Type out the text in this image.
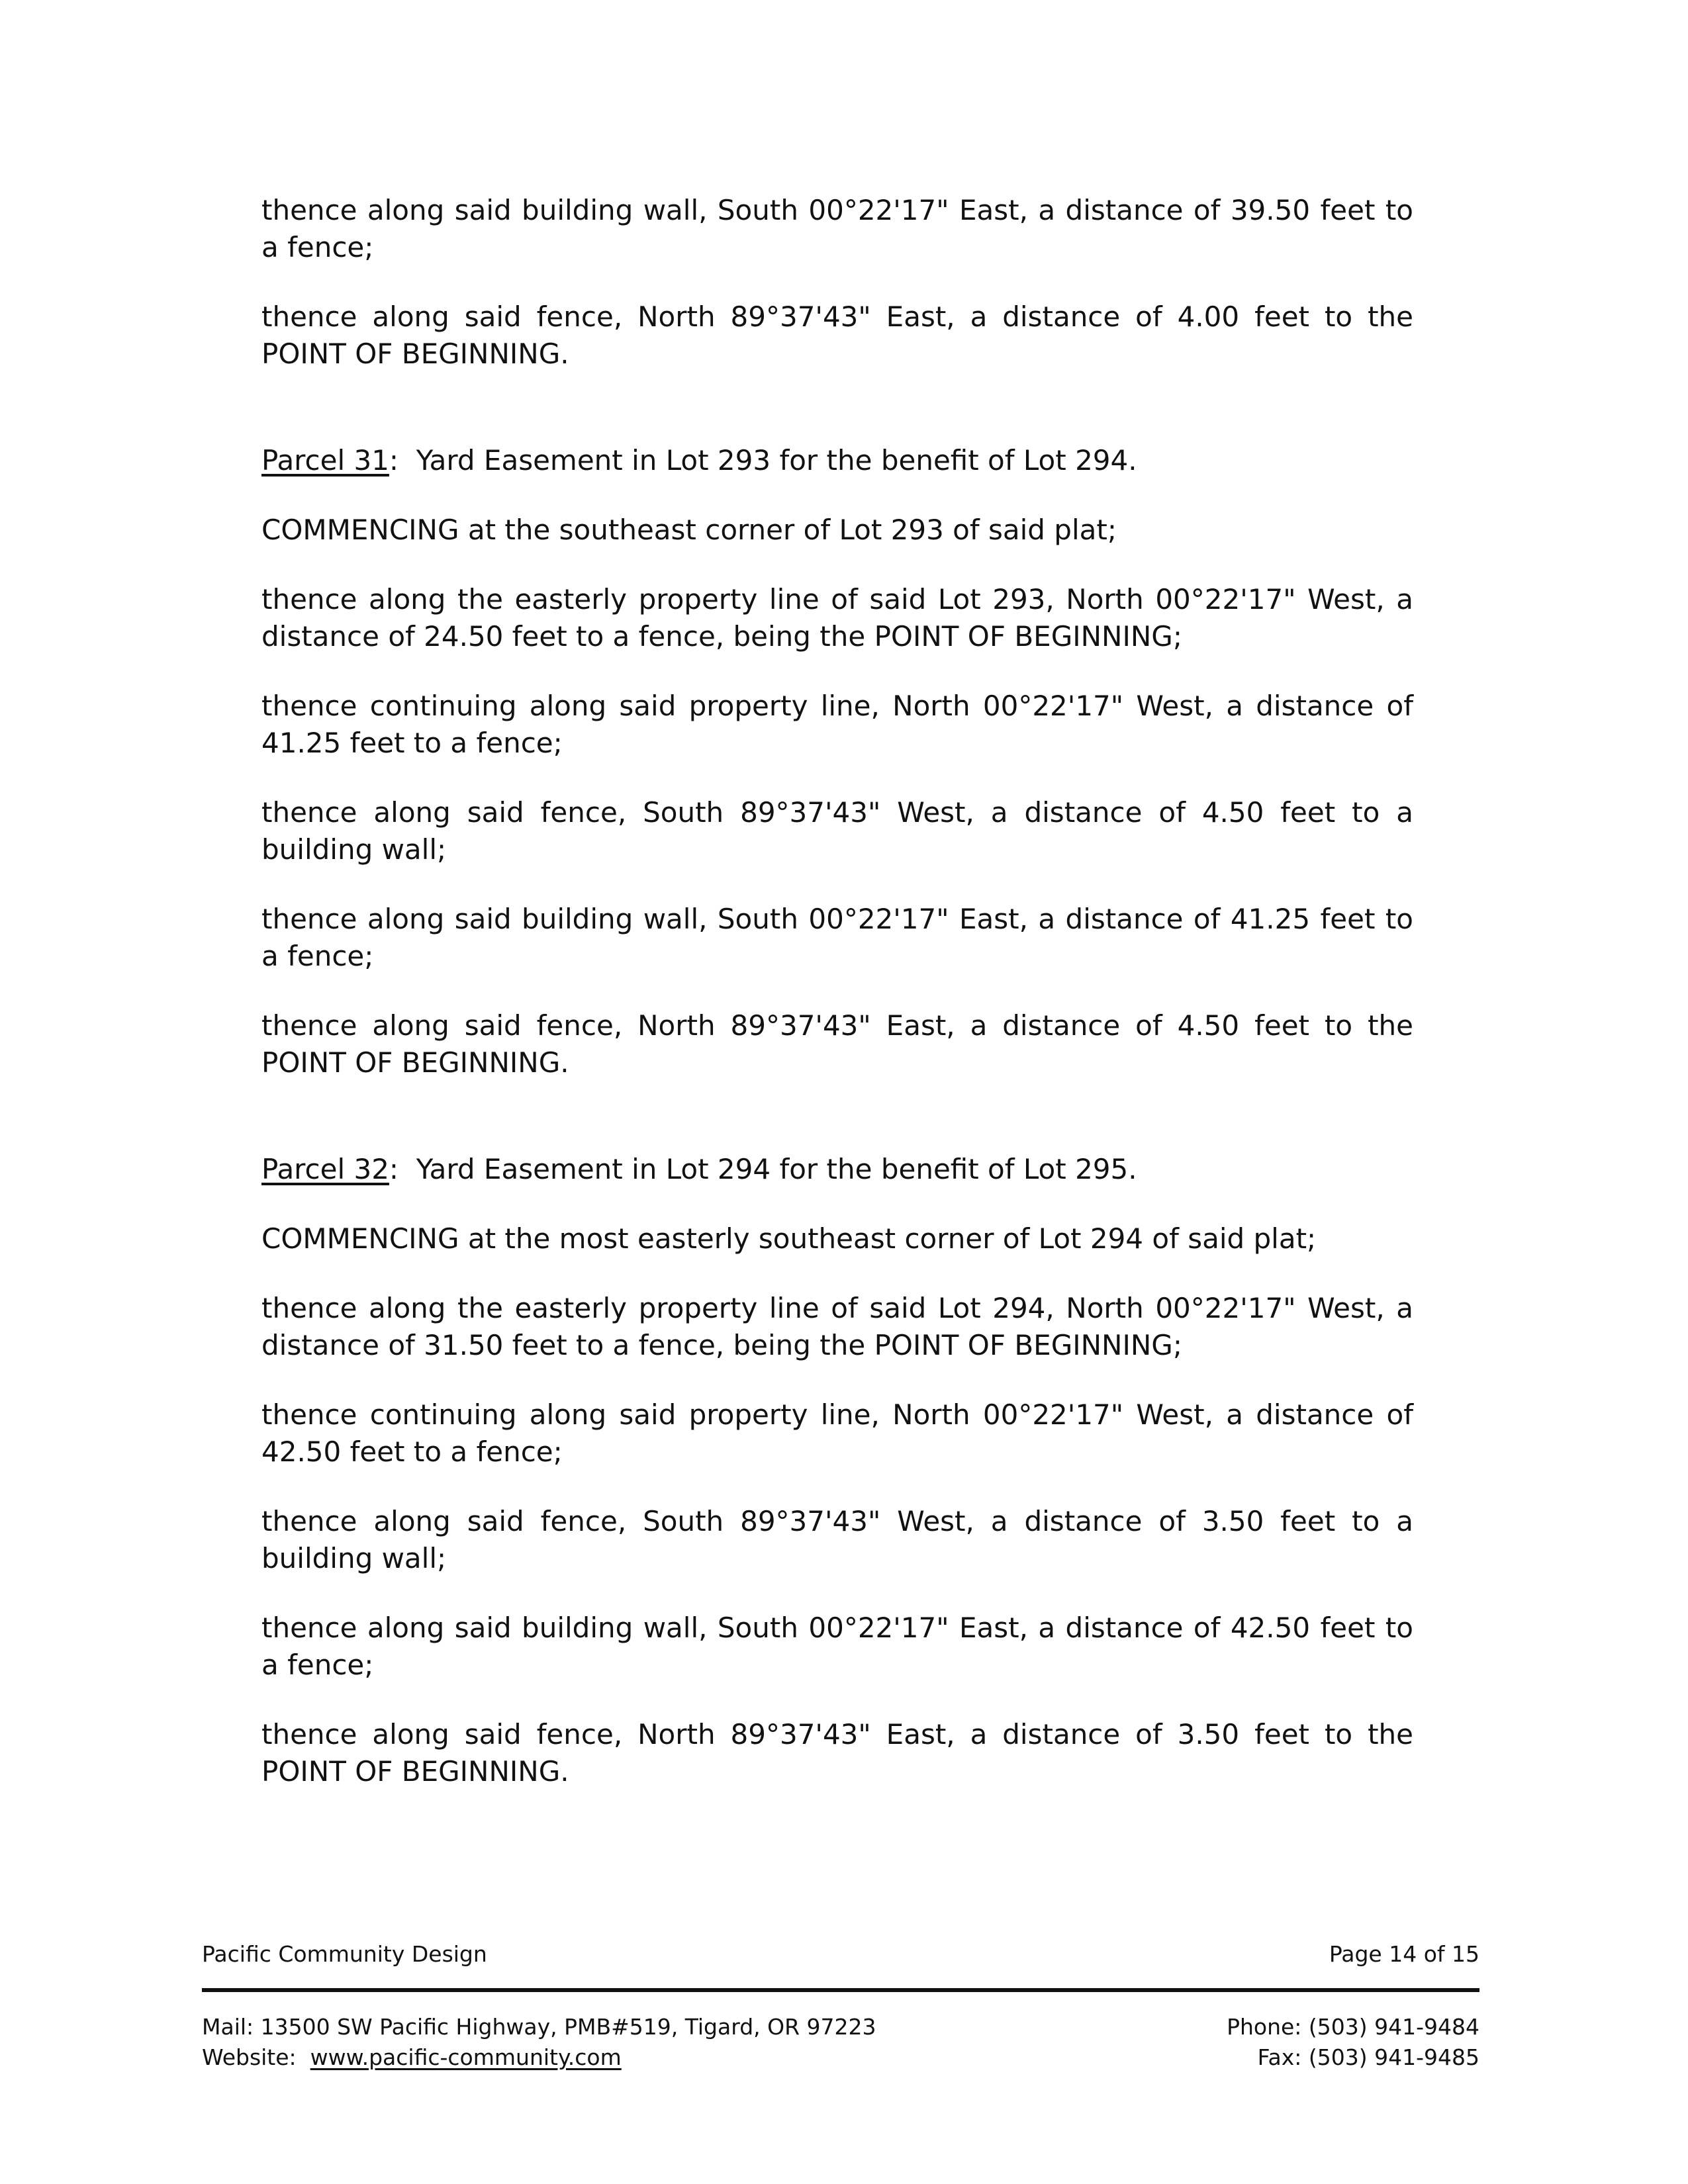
thence along said building wall, South 00°22'17" East, a distance of 39.50 feet to a fence;

thence along said fence, North 89°37'43" East, a distance of 4.00 feet to the POINT OF BEGINNING.

Parcel 31:  Yard Easement in Lot 293 for the benefit of Lot 294.

COMMENCING at the southeast corner of Lot 293 of said plat;

thence along the easterly property line of said Lot 293, North 00°22'17" West, a distance of 24.50 feet to a fence, being the POINT OF BEGINNING;

thence continuing along said property line, North 00°22'17" West, a distance of 41.25 feet to a fence;

thence along said fence, South 89°37'43" West, a distance of 4.50 feet to a building wall;

thence along said building wall, South 00°22'17" East, a distance of 41.25 feet to a fence;

thence along said fence, North 89°37'43" East, a distance of 4.50 feet to the POINT OF BEGINNING.

Parcel 32:  Yard Easement in Lot 294 for the benefit of Lot 295.

COMMENCING at the most easterly southeast corner of Lot 294 of said plat;

thence along the easterly property line of said Lot 294, North 00°22'17" West, a distance of 31.50 feet to a fence, being the POINT OF BEGINNING;

thence continuing along said property line, North 00°22'17" West, a distance of 42.50 feet to a fence;

thence along said fence, South 89°37'43" West, a distance of 3.50 feet to a building wall;

thence along said building wall, South 00°22'17" East, a distance of 42.50 feet to a fence;

thence along said fence, North 89°37'43" East, a distance of 3.50 feet to the POINT OF BEGINNING.

Pacific Community Design	Page 14 of 15
Mail: 13500 SW Pacific Highway, PMB#519, Tigard, OR 97223
Website: www.pacific-community.com
Phone: (503) 941-9484
Fax: (503) 941-9485
